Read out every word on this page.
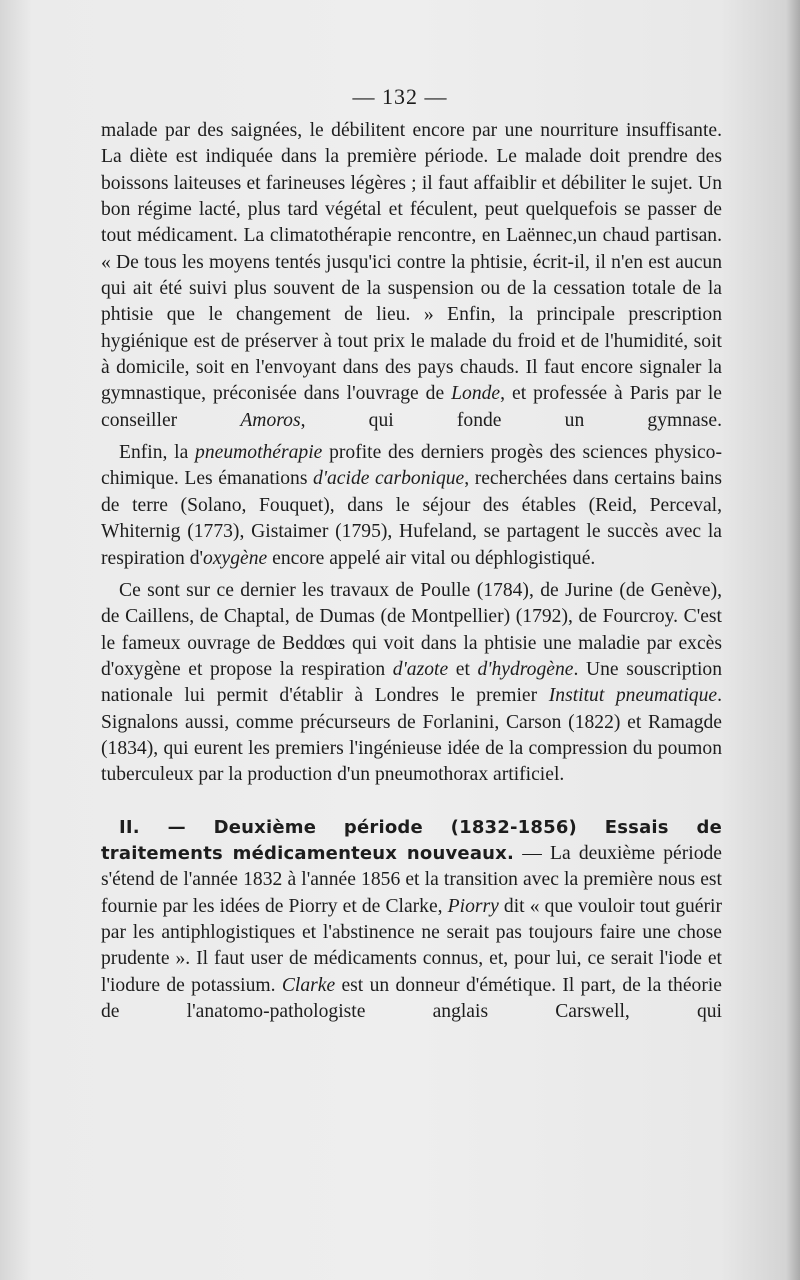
— 132 —

malade par des saignées, le débilitent encore par une nourriture insuffisante. La diète est indiquée dans la première période. Le malade doit prendre des boissons laiteuses et farineuses légères ; il faut affaiblir et débiliter le sujet. Un bon régime lacté, plus tard végétal et féculent, peut quelquefois se passer de tout médicament. La climatothérapie rencontre, en Laënnec,un chaud partisan. « De tous les moyens tentés jusqu'ici contre la phtisie, écrit-il, il n'en est aucun qui ait été suivi plus souvent de la suspension ou de la cessation totale de la phtisie que le changement de lieu. » Enfin, la principale prescription hygiénique est de préserver à tout prix le malade du froid et de l'humidité, soit à domicile, soit en l'envoyant dans des pays chauds. Il faut encore signaler la gymnastique, préconisée dans l'ouvrage de Londe, et professée à Paris par le conseiller Amoros, qui fonde un gymnase.

Enfin, la pneumothérapie profite des derniers progès des sciences physico-chimique. Les émanations d'acide carbonique, recherchées dans certains bains de terre (Solano, Fouquet), dans le séjour des étables (Reid, Perceval, Whiternig (1773), Gistaimer (1795), Hufeland, se partagent le succès avec la respiration d'oxygène encore appelé air vital ou déphlogistiqué.

Ce sont sur ce dernier les travaux de Poulle (1784), de Jurine (de Genève), de Caillens, de Chaptal, de Dumas (de Montpellier) (1792), de Fourcroy. C'est le fameux ouvrage de Beddœs qui voit dans la phtisie une maladie par excès d'oxygène et propose la respiration d'azote et d'hydrogène. Une souscription nationale lui permit d'établir à Londres le premier Institut pneumatique. Signalons aussi, comme précurseurs de Forlanini, Carson (1822) et Ramagde (1834), qui eurent les premiers l'ingénieuse idée de la compression du poumon tuberculeux par la production d'un pneumothorax artificiel.

II. — Deuxième période (1832-1856) Essais de traitements médicamenteux nouveaux. — La deuxième période s'étend de l'année 1832 à l'année 1856 et la transition avec la première nous est fournie par les idées de Piorry et de Clarke, Piorry dit « que vouloir tout guérir par les antiphlogistiques et l'abstinence ne serait pas toujours faire une chose prudente ». Il faut user de médicaments connus, et, pour lui, ce serait l'iode et l'iodure de potassium. Clarke est un donneur d'émétique. Il part, de la théorie de l'anatomo-pathologiste anglais Carswell, qui
